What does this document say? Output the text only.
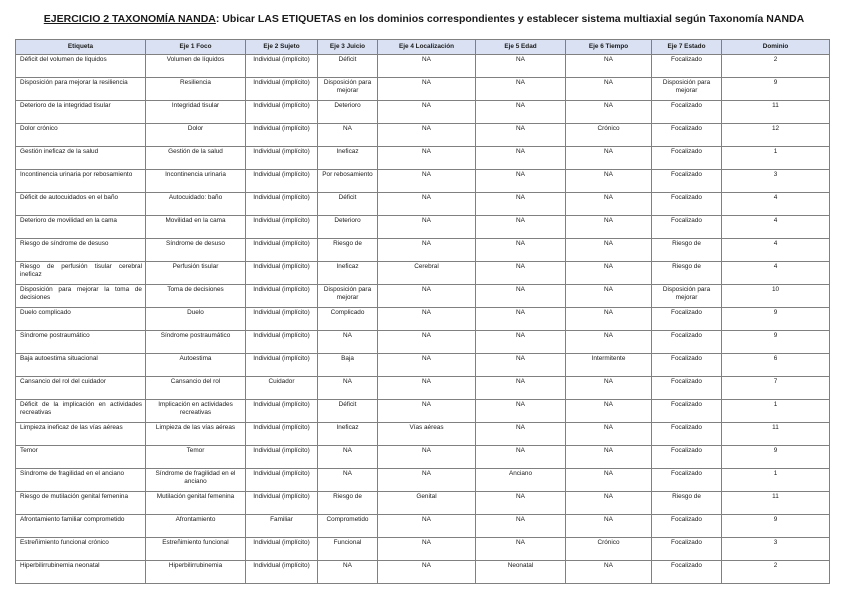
EJERCICIO 2 TAXONOMÍA NANDA: Ubicar LAS ETIQUETAS en los dominios correspondientes y establecer sistema multiaxial según Taxonomía NANDA
Etiqueta	Eje 1 Foco	Eje 2 Sujeto	Eje 3 Juicio	Eje 4 Localización	Eje 5 Edad	Eje 6 Tiempo	Eje 7 Estado	Dominio
Déficit del volumen de líquidos	Volumen de líquidos	Individual (implícito)	Déficit	NA	NA	NA	Focalizado	2
Disposición para mejorar la resiliencia	Resiliencia	Individual (implícito)	Disposición para mejorar	NA	NA	NA	Disposición para mejorar	9
Deterioro de la integridad tisular	Integridad tisular	Individual (implícito)	Deterioro	NA	NA	NA	Focalizado	11
Dolor crónico	Dolor	Individual (implícito)	NA	NA	NA	Crónico	Focalizado	12
Gestión ineficaz de la salud	Gestión de la salud	Individual (implícito)	Ineficaz	NA	NA	NA	Focalizado	1
Incontinencia urinaria por rebosamiento	Incontinencia urinaria	Individual (implícito)	Por rebosamiento	NA	NA	NA	Focalizado	3
Déficit de autocuidados en el baño	Autocuidado: baño	Individual (implícito)	Déficit	NA	NA	NA	Focalizado	4
Deterioro de movilidad en la cama	Movilidad en la cama	Individual (implícito)	Deterioro	NA	NA	NA	Focalizado	4
Riesgo de síndrome de desuso	Síndrome de desuso	Individual (implícito)	Riesgo de	NA	NA	NA	Riesgo de	4
Riesgo de perfusión tisular cerebral ineficaz	Perfusión tisular	Individual (implícito)	Ineficaz	Cerebral	NA	NA	Riesgo de	4
Disposición para mejorar la toma de decisiones	Toma de decisiones	Individual (implícito)	Disposición para mejorar	NA	NA	NA	Disposición para mejorar	10
Duelo complicado	Duelo	Individual (implícito)	Complicado	NA	NA	NA	Focalizado	9
Síndrome postraumático	Síndrome postraumático	Individual (implícito)	NA	NA	NA	NA	Focalizado	9
Baja autoestima situacional	Autoestima	Individual (implícito)	Baja	NA	NA	Intermitente	Focalizado	6
Cansancio del rol del cuidador	Cansancio del rol	Cuidador	NA	NA	NA	NA	Focalizado	7
Déficit de la implicación en actividades recreativas	Implicación en actividades recreativas	Individual (implícito)	Déficit	NA	NA	NA	Focalizado	1
Limpieza ineficaz de las vías aéreas	Limpieza de las vías aéreas	Individual (implícito)	Ineficaz	Vías aéreas	NA	NA	Focalizado	11
Temor	Temor	Individual (implícito)	NA	NA	NA	NA	Focalizado	9
Síndrome de fragilidad en el anciano	Síndrome de fragilidad en el anciano	Individual (implícito)	NA	NA	Anciano	NA	Focalizado	1
Riesgo de mutilación genital femenina	Mutilación genital femenina	Individual (implícito)	Riesgo de	Genital	NA	NA	Riesgo de	11
Afrontamiento familiar comprometido	Afrontamiento	Familiar	Comprometido	NA	NA	NA	Focalizado	9
Estreñimiento funcional crónico	Estreñimiento funcional	Individual (implícito)	Funcional	NA	NA	Crónico	Focalizado	3
Hiperbilirrubinemia neonatal	Hiperbilirrubinemia	Individual (implícito)	NA	NA	Neonatal	NA	Focalizado	2
